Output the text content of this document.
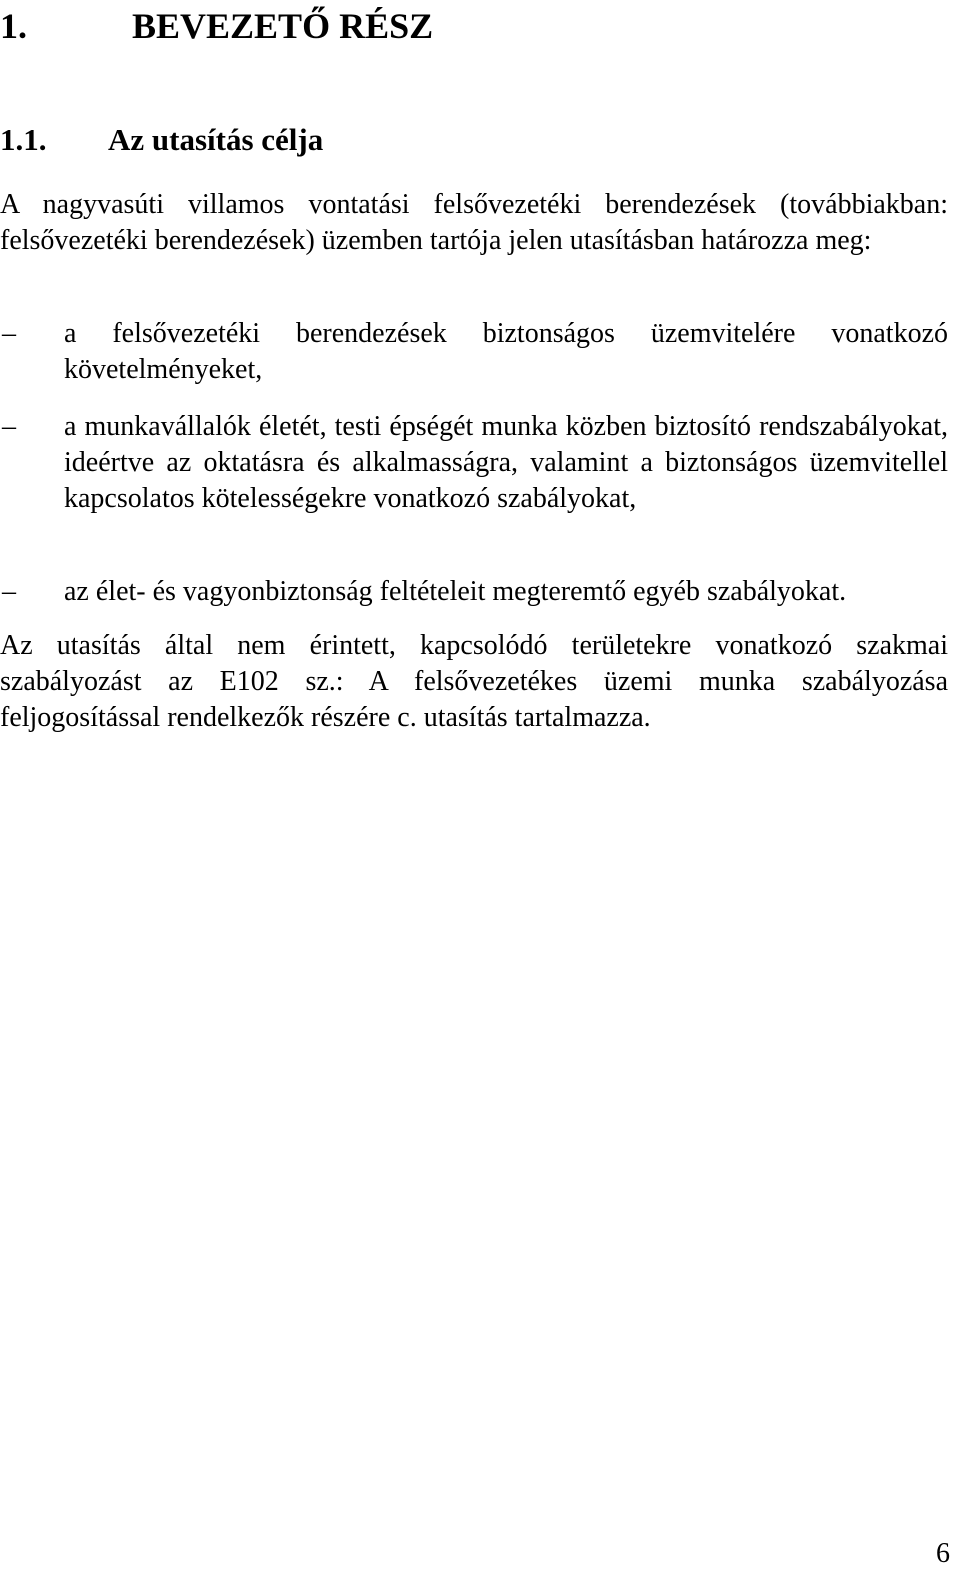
1.	BEVEZETŐ RÉSZ
1.1.	Az utasítás célja

A nagyvasúti villamos vontatási felsővezetéki berendezések (továbbiakban: felsővezetéki berendezések) üzemben tartója jelen utasításban határozza meg:

–	a felsővezetéki berendezések biztonságos üzemvitelére vonatkozó követelményeket,

–	a munkavállalók életét, testi épségét munka közben biztosító rendszabályokat, ideértve az oktatásra és alkalmasságra, valamint a biztonságos üzemvitellel kapcsolatos kötelességekre vonatkozó szabályokat,

–	az élet- és vagyonbiztonság feltételeit megteremtő egyéb szabályokat.

Az utasítás által nem érintett, kapcsolódó területekre vonatkozó szakmai szabályozást az E102 sz.: A felsővezetékes üzemi munka szabályozása feljogosítással rendelkezők részére c. utasítás tartalmazza.

6
